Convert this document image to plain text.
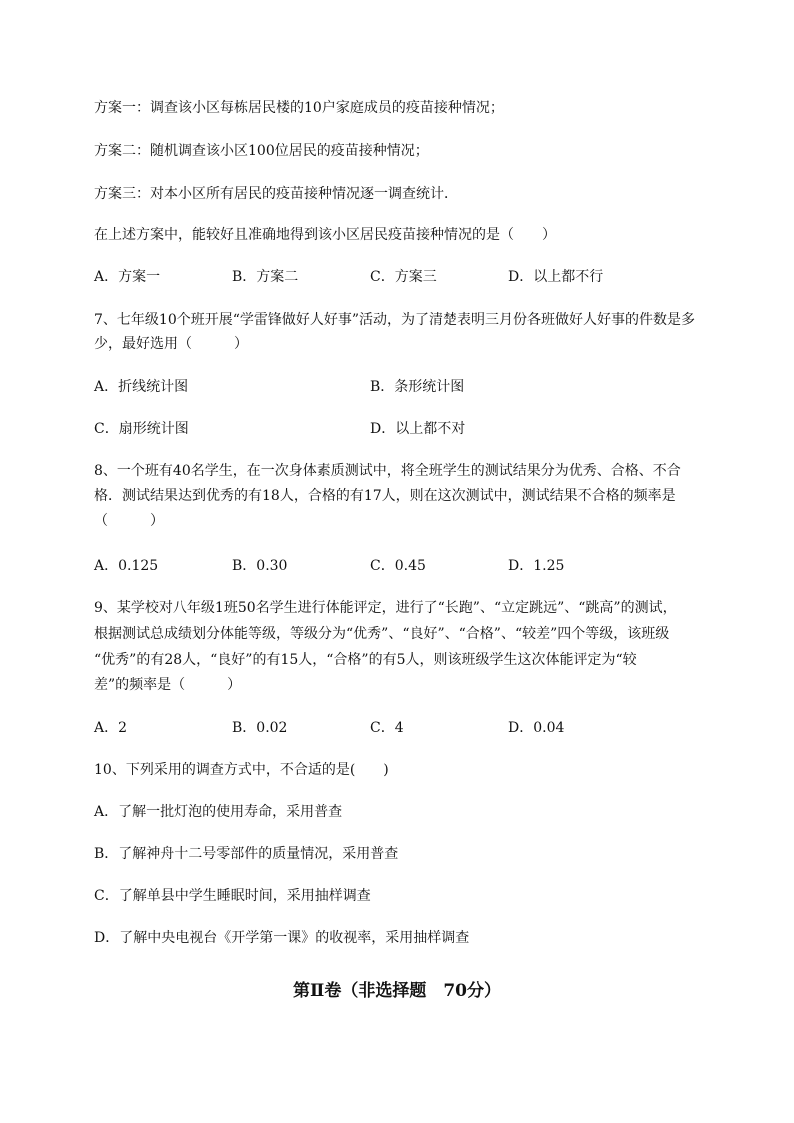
方案一：调查该小区每栋居民楼的10户家庭成员的疫苗接种情况；
方案二：随机调查该小区100位居民的疫苗接种情况；
方案三：对本小区所有居民的疫苗接种情况逐一调查统计．
在上述方案中，能较好且准确地得到该小区居民疫苗接种情况的是（　　）
A．方案一	B．方案二	C．方案三	D．以上都不行
7、七年级10个班开展“学雷锋做好人好事”活动，为了清楚表明三月份各班做好人好事的件数是多
少，最好选用（　　　）
A．折线统计图	B．条形统计图
C．扇形统计图	D．以上都不对
8、一个班有40名学生，在一次身体素质测试中，将全班学生的测试结果分为优秀、合格、不合
格．测试结果达到优秀的有18人，合格的有17人，则在这次测试中，测试结果不合格的频率是
（　　　）
A．0.125	B．0.30	C．0.45	D．1.25
9、某学校对八年级1班50名学生进行体能评定，进行了“长跑”、“立定跳远”、“跳高”的测试，
根据测试总成绩划分体能等级，等级分为“优秀”、“良好”、“合格”、“较差”四个等级，该班级
“优秀”的有28人，“良好”的有15人，“合格”的有5人，则该班级学生这次体能评定为“较
差”的频率是（　　　）
A．2	B．0.02	C．4	D．0.04
10、下列采用的调查方式中，不合适的是(　　)
A．了解一批灯泡的使用寿命，采用普查
B．了解神舟十二号零部件的质量情况，采用普查
C．了解单县中学生睡眠时间，采用抽样调查
D．了解中央电视台《开学第一课》的收视率，采用抽样调查
第Ⅱ卷（非选择题　70分）
